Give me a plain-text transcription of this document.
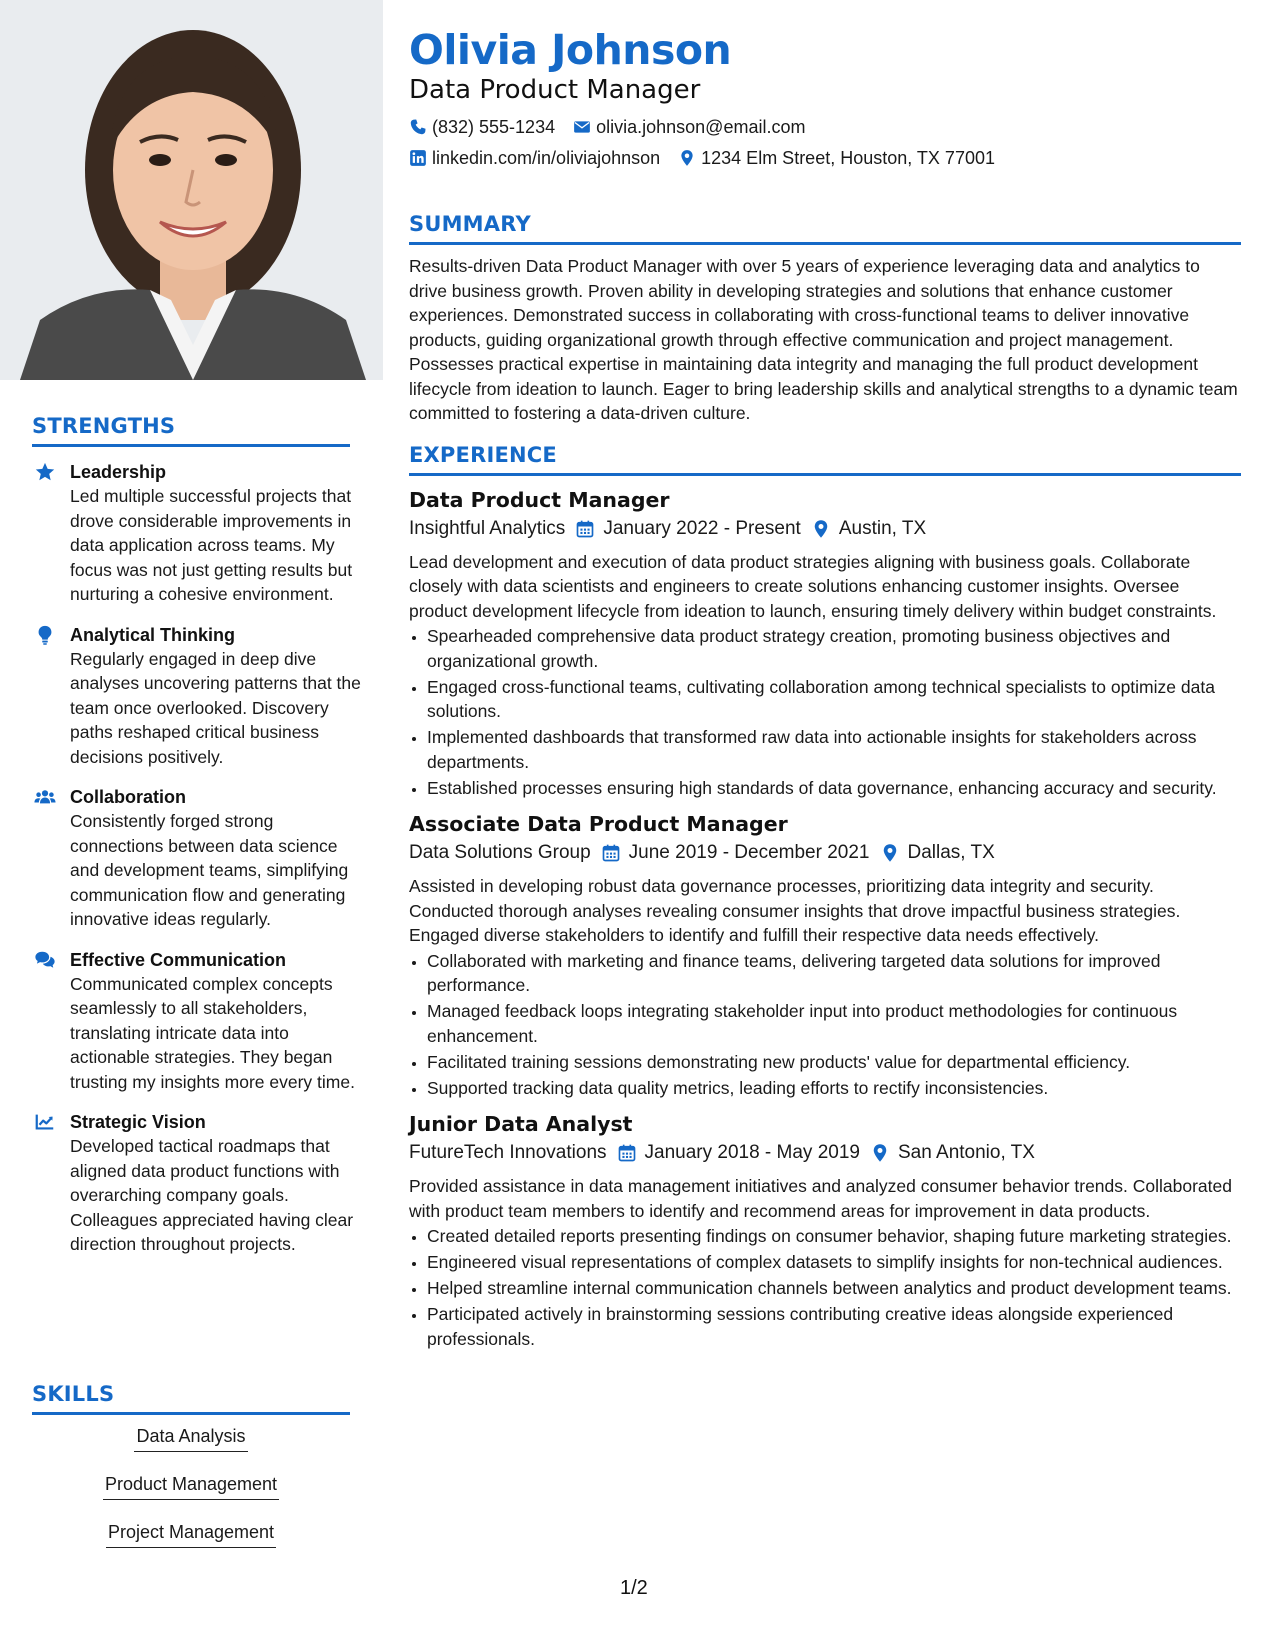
STRENGTHS
Leadership
Led multiple successful projects that drove considerable improvements in data application across teams. My focus was not just getting results but nurturing a cohesive environment.
Analytical Thinking
Regularly engaged in deep dive analyses uncovering patterns that the team once overlooked. Discovery paths reshaped critical business decisions positively.
Collaboration
Consistently forged strong connections between data science and development teams, simplifying communication flow and generating innovative ideas regularly.
Effective Communication
Communicated complex concepts seamlessly to all stakeholders, translating intricate data into actionable strategies. They began trusting my insights more every time.
Strategic Vision
Developed tactical roadmaps that aligned data product functions with overarching company goals. Colleagues appreciated having clear direction throughout projects.
SKILLS
Data Analysis
Product Management
Project Management
Olivia Johnson
Data Product Manager
(832) 555-1234 olivia.johnson@email.com
linkedin.com/in/oliviajohnson 1234 Elm Street, Houston, TX 77001
SUMMARY
Results-driven Data Product Manager with over 5 years of experience leveraging data and analytics to drive business growth. Proven ability in developing strategies and solutions that enhance customer experiences. Demonstrated success in collaborating with cross-functional teams to deliver innovative products, guiding organizational growth through effective communication and project management. Possesses practical expertise in maintaining data integrity and managing the full product development lifecycle from ideation to launch. Eager to bring leadership skills and analytical strengths to a dynamic team committed to fostering a data-driven culture.
EXPERIENCE
Data Product Manager
Insightful Analytics January 2022 - Present Austin, TX
Lead development and execution of data product strategies aligning with business goals. Collaborate closely with data scientists and engineers to create solutions enhancing customer insights. Oversee product development lifecycle from ideation to launch, ensuring timely delivery within budget constraints.
• Spearheaded comprehensive data product strategy creation, promoting business objectives and organizational growth.
• Engaged cross-functional teams, cultivating collaboration among technical specialists to optimize data solutions.
• Implemented dashboards that transformed raw data into actionable insights for stakeholders across departments.
• Established processes ensuring high standards of data governance, enhancing accuracy and security.
Associate Data Product Manager
Data Solutions Group June 2019 - December 2021 Dallas, TX
Assisted in developing robust data governance processes, prioritizing data integrity and security. Conducted thorough analyses revealing consumer insights that drove impactful business strategies. Engaged diverse stakeholders to identify and fulfill their respective data needs effectively.
• Collaborated with marketing and finance teams, delivering targeted data solutions for improved performance.
• Managed feedback loops integrating stakeholder input into product methodologies for continuous enhancement.
• Facilitated training sessions demonstrating new products' value for departmental efficiency.
• Supported tracking data quality metrics, leading efforts to rectify inconsistencies.
Junior Data Analyst
FutureTech Innovations January 2018 - May 2019 San Antonio, TX
Provided assistance in data management initiatives and analyzed consumer behavior trends. Collaborated with product team members to identify and recommend areas for improvement in data products.
• Created detailed reports presenting findings on consumer behavior, shaping future marketing strategies.
• Engineered visual representations of complex datasets to simplify insights for non-technical audiences.
• Helped streamline internal communication channels between analytics and product development teams.
• Participated actively in brainstorming sessions contributing creative ideas alongside experienced professionals.
1/2
